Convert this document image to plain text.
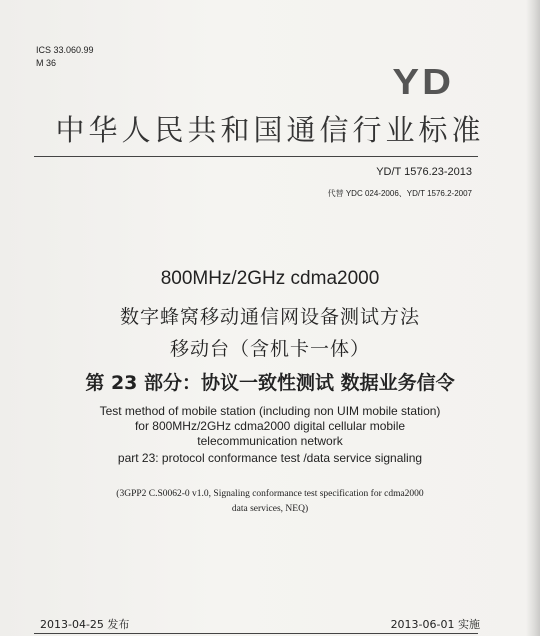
ICS 33.060.99
M 36	YD
中华人民共和国通信行业标准
YD/T 1576.23-2013
代替 YDC 024-2006、YD/T 1576.2-2007
800MHz/2GHz cdma2000
数字蜂窝移动通信网设备测试方法
移动台（含机卡一体）
第 23 部分：协议一致性测试 数据业务信令
Test method of mobile station (including non UIM mobile station)
for 800MHz/2GHz cdma2000 digital cellular mobile
telecommunication network
part 23: protocol conformance test /data service signaling
(3GPP2 C.S0062-0 v1.0, Signaling conformance test specification for cdma2000
data services, NEQ)
2013-04-25 发布	2013-06-01 实施
